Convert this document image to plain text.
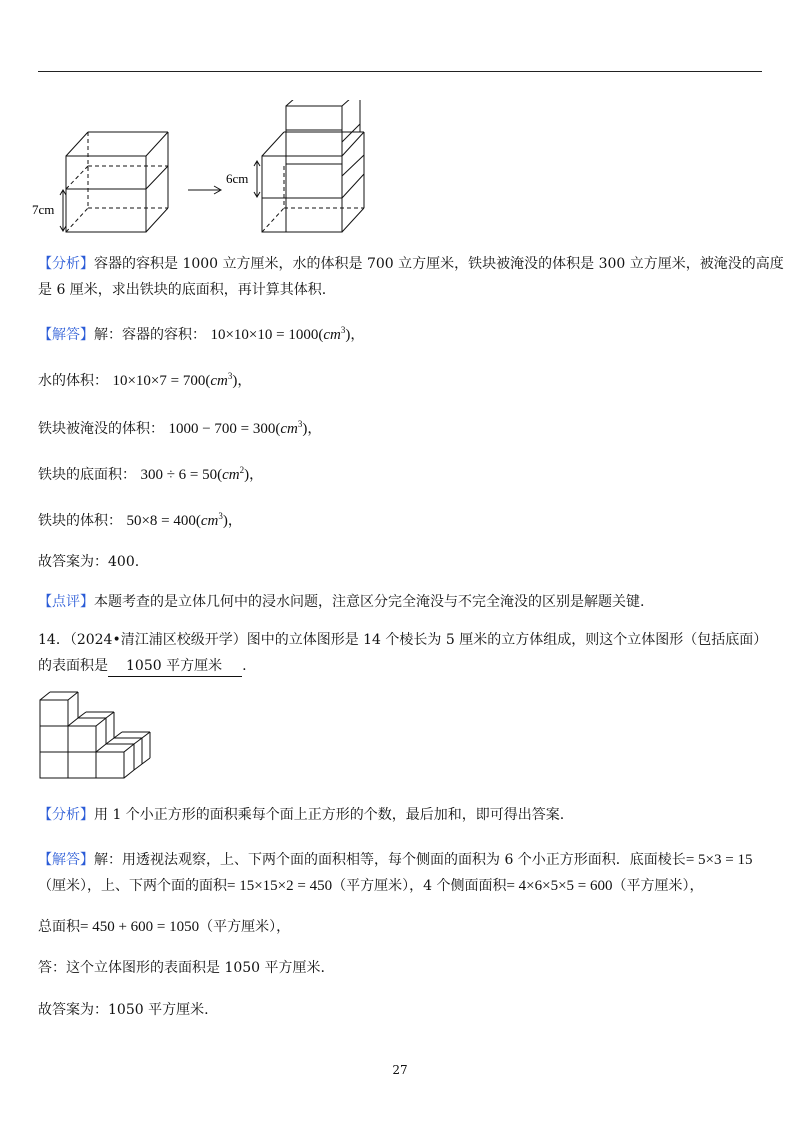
7cm
6cm
【分析】容器的容积是 1000 立方厘米，水的体积是 700 立方厘米，铁块被淹没的体积是 300 立方厘米，被淹没的高度
是 6 厘米，求出铁块的底面积，再计算其体积.
【解答】解：容器的容积： $10\times 10\times 10 = 1000(cm^3)$，
水的体积： $10\times 10\times 7 = 700(cm^3)$，
铁块被淹没的体积： $1000 - 700 = 300(cm^3)$，
铁块的底面积： $300 \div 6 = 50(cm^2)$，
铁块的体积： $50\times 8 = 400(cm^3)$，
故答案为：400.
【点评】本题考查的是立体几何中的浸水问题，注意区分完全淹没与不完全淹没的区别是解题关键.
14．（2024•清江浦区校级开学）图中的立体图形是 14 个棱长为 5 厘米的立方体组成，则这个立体图形（包括底面）
的表面积是 1050 平方厘米 .
【分析】用 1 个小正方形的面积乘每个面上正方形的个数，最后加和，即可得出答案.
【解答】解：用透视法观察，上、下两个面的面积相等，每个侧面的面积为 6 个小正方形面积．底面棱长= 5×3 = 15
（厘米），上、下两个面的面积= 15×15×2 = 450（平方厘米），4 个侧面面积= 4×6×5×5 = 600（平方厘米），
总面积= 450 + 600 = 1050（平方厘米），
答：这个立体图形的表面积是 1050 平方厘米.
故答案为：1050 平方厘米.
27
